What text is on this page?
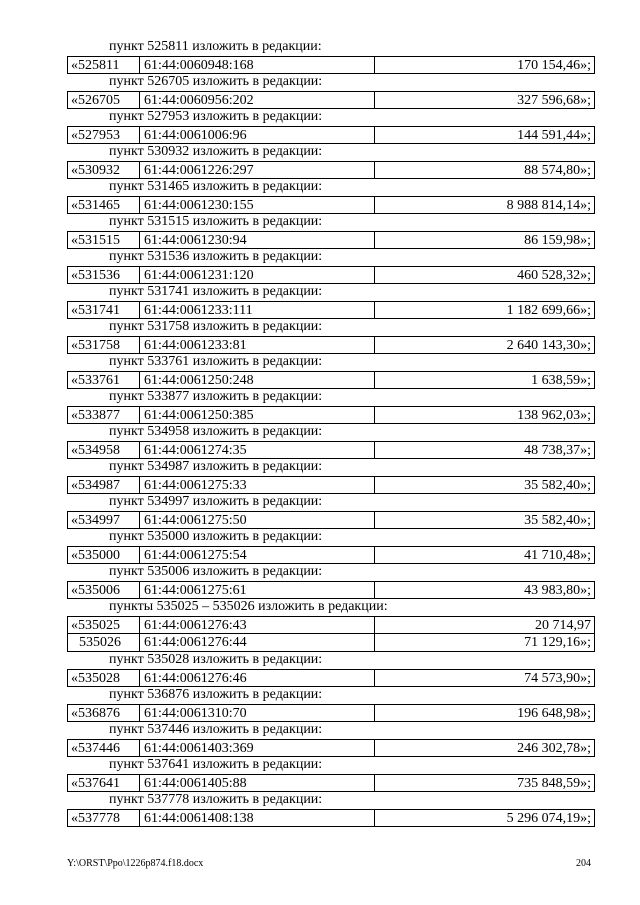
пункт 525811 изложить в редакции:
«525811	61:44:0060948:168	170 154,46»;
пункт 526705 изложить в редакции:
«526705	61:44:0060956:202	327 596,68»;
пункт 527953 изложить в редакции:
«527953	61:44:0061006:96	144 591,44»;
пункт 530932 изложить в редакции:
«530932	61:44:0061226:297	88 574,80»;
пункт 531465 изложить в редакции:
«531465	61:44:0061230:155	8 988 814,14»;
пункт 531515 изложить в редакции:
«531515	61:44:0061230:94	86 159,98»;
пункт 531536 изложить в редакции:
«531536	61:44:0061231:120	460 528,32»;
пункт 531741 изложить в редакции:
«531741	61:44:0061233:111	1 182 699,66»;
пункт 531758 изложить в редакции:
«531758	61:44:0061233:81	2 640 143,30»;
пункт 533761 изложить в редакции:
«533761	61:44:0061250:248	1 638,59»;
пункт 533877 изложить в редакции:
«533877	61:44:0061250:385	138 962,03»;
пункт 534958 изложить в редакции:
«534958	61:44:0061274:35	48 738,37»;
пункт 534987 изложить в редакции:
«534987	61:44:0061275:33	35 582,40»;
пункт 534997 изложить в редакции:
«534997	61:44:0061275:50	35 582,40»;
пункт 535000 изложить в редакции:
«535000	61:44:0061275:54	41 710,48»;
пункт 535006 изложить в редакции:
«535006	61:44:0061275:61	43 983,80»;
пункты 535025 – 535026 изложить в редакции:
«535025	61:44:0061276:43	20 714,97
535026	61:44:0061276:44	71 129,16»;
пункт 535028 изложить в редакции:
«535028	61:44:0061276:46	74 573,90»;
пункт 536876 изложить в редакции:
«536876	61:44:0061310:70	196 648,98»;
пункт 537446 изложить в редакции:
«537446	61:44:0061403:369	246 302,78»;
пункт 537641 изложить в редакции:
«537641	61:44:0061405:88	735 848,59»;
пункт 537778 изложить в редакции:
«537778	61:44:0061408:138	5 296 074,19»;
Y:\ORST\Ppo\1226p874.f18.docx	204
